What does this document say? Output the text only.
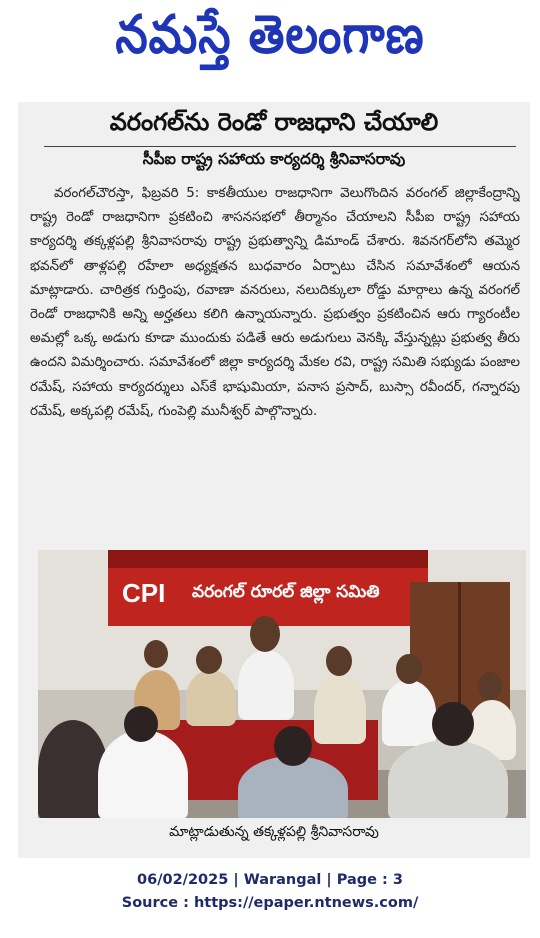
నమస్తే తెలంగాణ
వరంగల్‌ను రెండో రాజధాని చేయాలి
సీపీఐ రాష్ట్ర సహాయ కార్యదర్శి శ్రీనివాసరావు
వరంగల్‌చౌరస్తా, ఫిబ్రవరి 5: కాకతీయుల రాజధానిగా వెలుగొందిన వరంగల్ జిల్లాకేంద్రాన్ని రాష్ట్ర రెండో రాజధానిగా ప్రకటించి శాసనసభలో తీర్మానం చేయాలని సీపీఐ రాష్ట్ర సహాయ కార్యదర్శి తక్కళ్లపల్లి శ్రీనివాసరావు రాష్ట్ర ప్రభుత్వాన్ని డిమాండ్ చేశారు. శివనగర్‌లోని తమ్మెర భవన్‌లో తాళ్లపల్లి రహేలా అధ్యక్షతన బుధవారం ఏర్పాటు చేసిన సమావేశంలో ఆయన మాట్లాడారు. చారిత్రక గుర్తింపు, రవాణా వనరులు, నలుదిక్కులా రోడ్డు మార్గాలు ఉన్న వరంగల్ రెండో రాజధానికి అన్ని అర్హతలు కలిగి ఉన్నాయన్నారు. ప్రభుత్వం ప్రకటించిన ఆరు గ్యారంటీల అమల్లో ఒక్క అడుగు కూడా ముందుకు పడితే ఆరు అడుగులు వెనక్కి వేస్తున్నట్లు ప్రభుత్వ తీరు ఉందని విమర్శించారు. సమావేశంలో జిల్లా కార్యదర్శి మేకల రవి, రాష్ట్ర సమితి సభ్యుడు పంజాల రమేష్, సహాయ కార్యదర్శులు ఎస్‌కే భాషుమియా, పనాస ప్రసాద్, బుస్సా రవీందర్, గన్నారపు రమేష్, అక్కపల్లి రమేష్, గుంపెల్లి మునీశ్వర్ పాల్గొన్నారు.
CPI వరంగల్ రూరల్ జిల్లా సమితి
మాట్లాడుతున్న తక్కళ్లపల్లి శ్రీనివాసరావు
06/02/2025 | Warangal | Page : 3
Source : https://epaper.ntnews.com/
